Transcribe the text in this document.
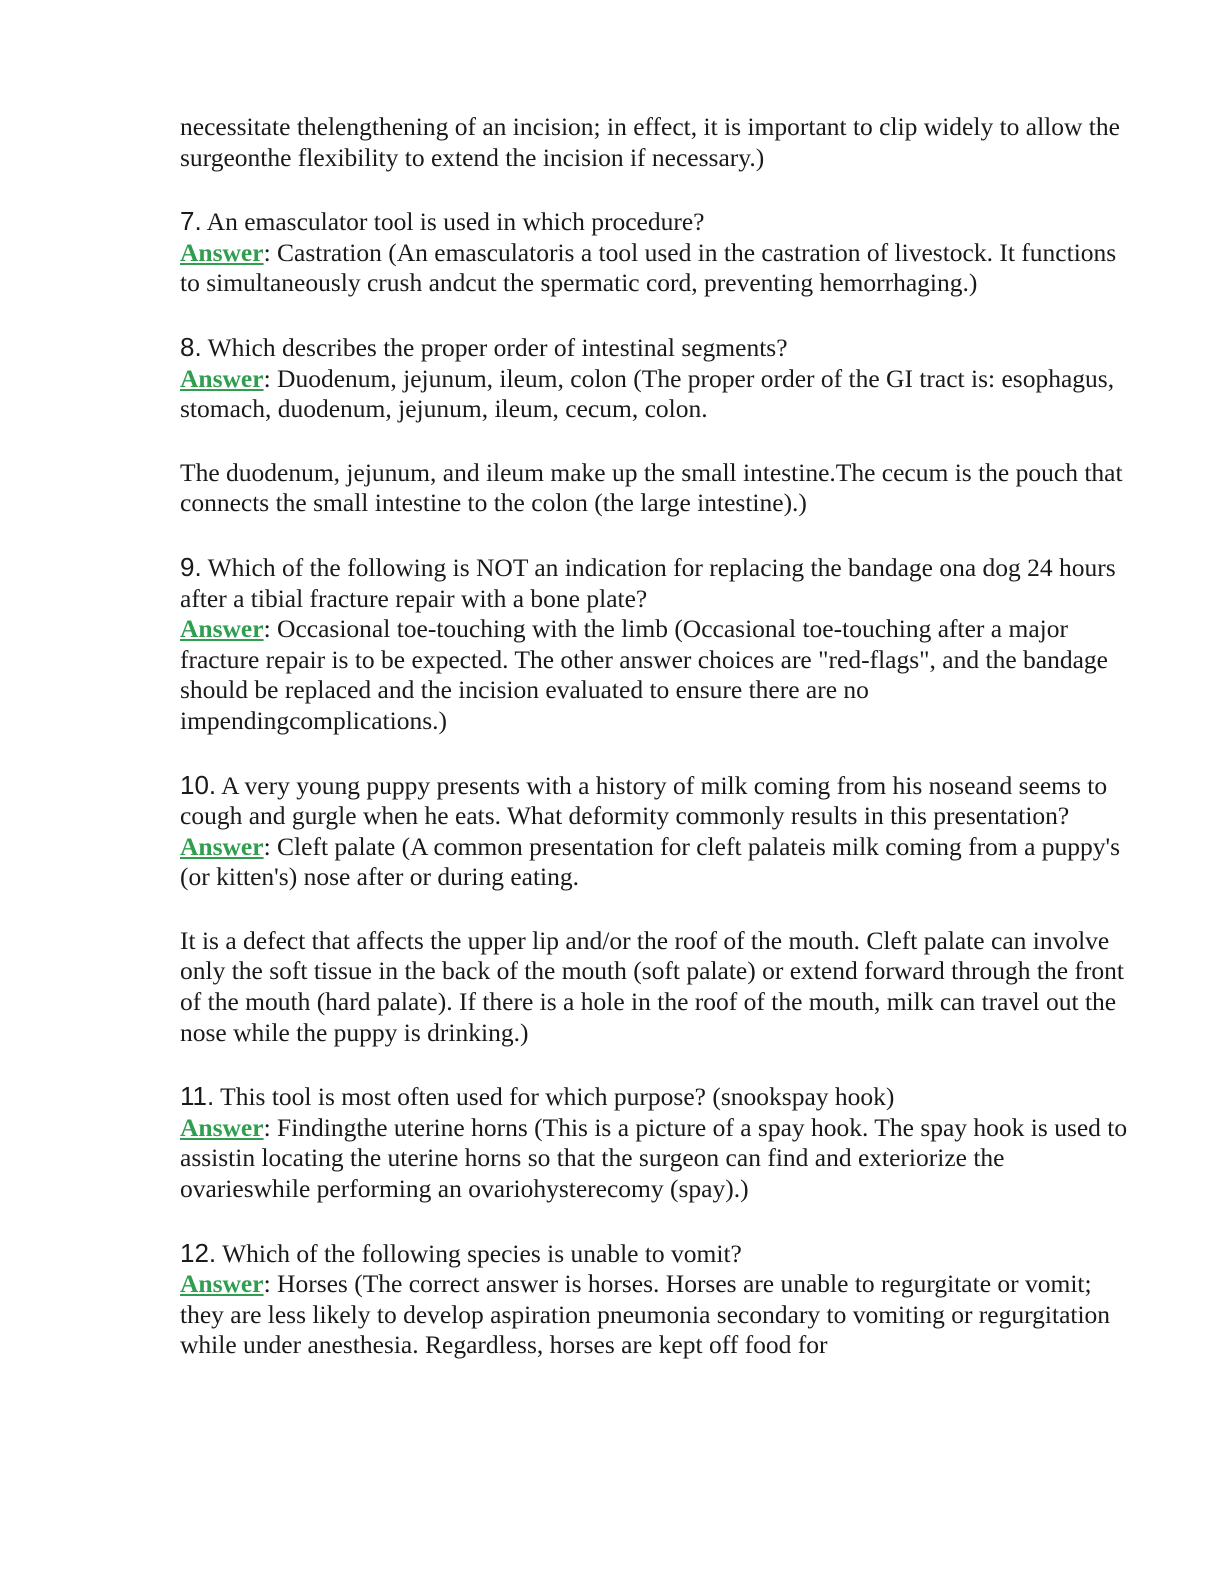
necessitate thelengthening of an incision; in effect, it is important to clip widely to allow the surgeonthe flexibility to extend the incision if necessary.)

7. An emasculator tool is used in which procedure?

Answer: Castration (An emasculatoris a tool used in the castration of livestock. It functions to simultaneously crush andcut the spermatic cord, preventing hemorrhaging.)

8. Which describes the proper order of intestinal segments?

Answer: Duodenum, jejunum, ileum, colon (The proper order of the GI tract is: esophagus, stomach, duodenum, jejunum, ileum, cecum, colon.

The duodenum, jejunum, and ileum make up the small intestine.The cecum is the pouch that connects the small intestine to the colon (the large intestine).)

9. Which of the following is NOT an indication for replacing the bandage ona dog 24 hours after a tibial fracture repair with a bone plate?

Answer: Occasional toe-touching with the limb (Occasional toe-touching after a major fracture repair is to be expected. The other answer choices are "red-flags", and the bandage should be replaced and the incision evaluated to ensure there are no impendingcomplications.)

10. A very young puppy presents with a history of milk coming from his noseand seems to cough and gurgle when he eats. What deformity commonly results in this presentation?

Answer: Cleft palate (A common presentation for cleft palateis milk coming from a puppy's (or kitten's) nose after or during eating.

It is a defect that affects the upper lip and/or the roof of the mouth. Cleft palate can involve only the soft tissue in the back of the mouth (soft palate) or extend forward through the front of the mouth (hard palate). If there is a hole in the roof of the mouth, milk can travel out the nose while the puppy is drinking.)

11. This tool is most often used for which purpose? (snookspay hook)

Answer: Findingthe uterine horns (This is a picture of a spay hook. The spay hook is used to assistin locating the uterine horns so that the surgeon can find and exteriorize the ovarieswhile performing an ovariohysterecomy (spay).)

12. Which of the following species is unable to vomit?

Answer: Horses (The correct answer is horses. Horses are unable to regurgitate or vomit; they are less likely to develop aspiration pneumonia secondary to vomiting or regurgitation while under anesthesia. Regardless, horses are kept off food for
